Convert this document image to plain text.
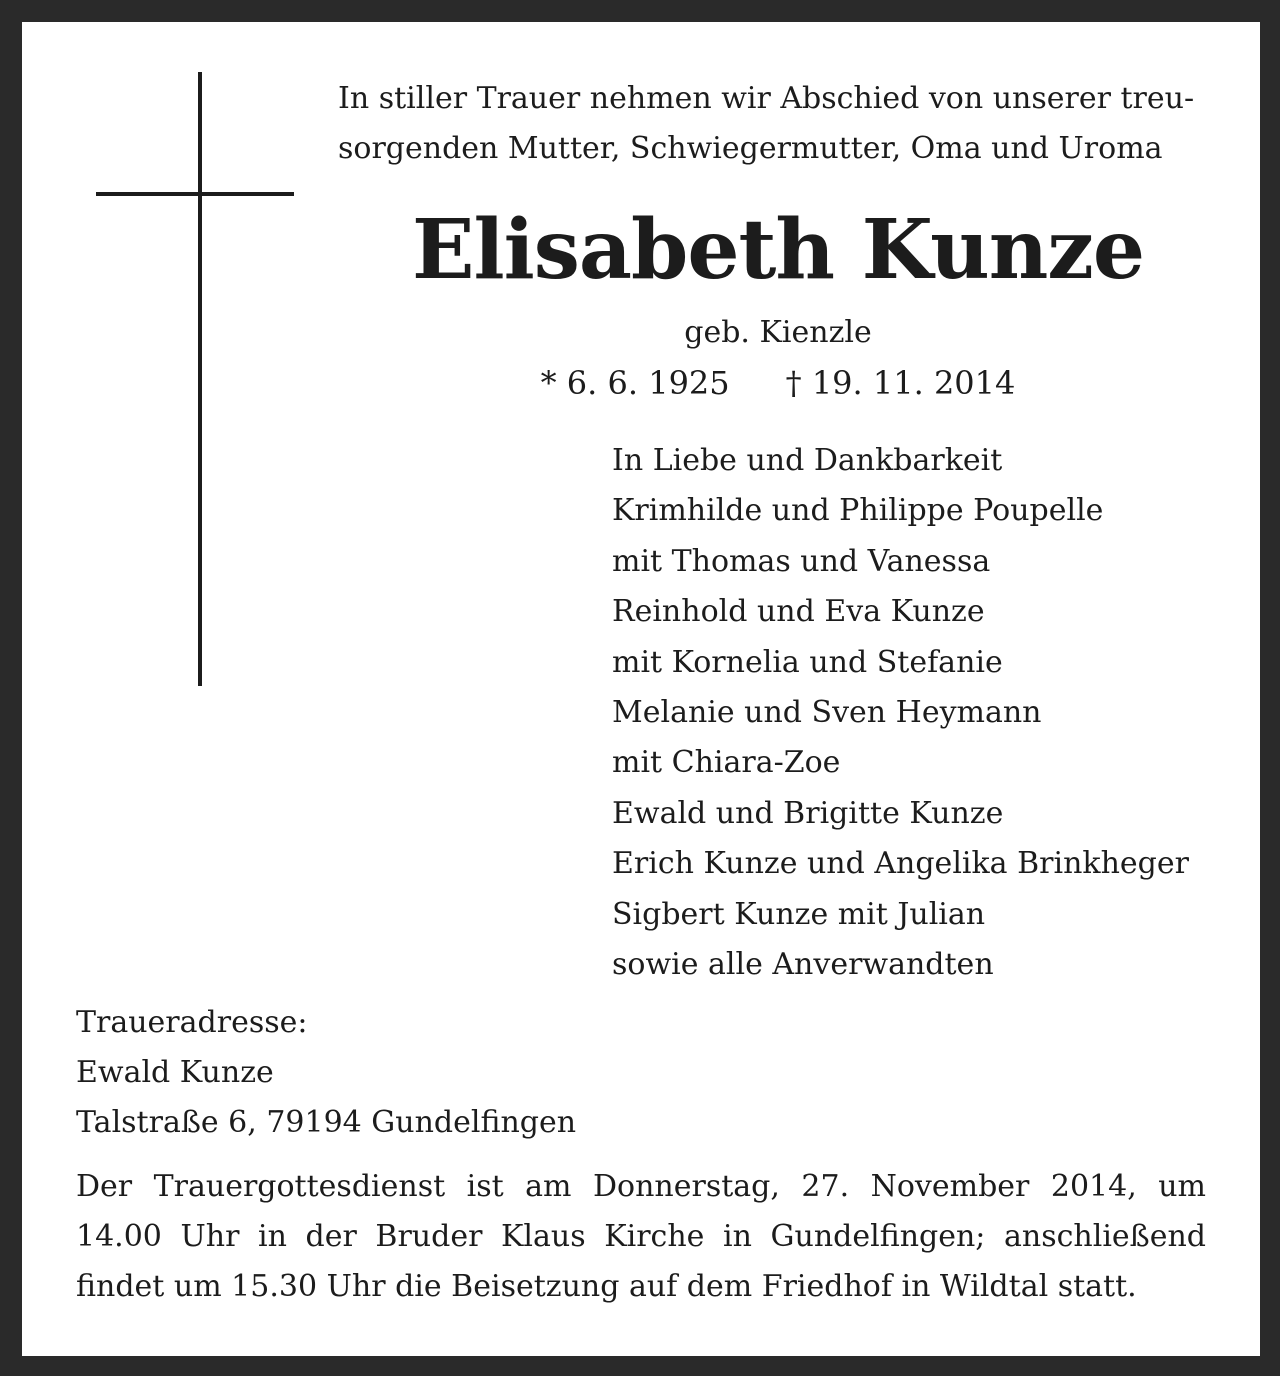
In stiller Trauer nehmen wir Abschied von unserer treu-
sorgenden Mutter, Schwiegermutter, Oma und Uroma

Elisabeth Kunze

geb. Kienzle

* 6. 6. 1925 † 19. 11. 2014

In Liebe und Dankbarkeit
Krimhilde und Philippe Poupelle
mit Thomas und Vanessa
Reinhold und Eva Kunze
mit Kornelia und Stefanie
Melanie und Sven Heymann
mit Chiara-Zoe
Ewald und Brigitte Kunze
Erich Kunze und Angelika Brinkheger
Sigbert Kunze mit Julian
sowie alle Anverwandten

Traueradresse:
Ewald Kunze
Talstraße 6, 79194 Gundelfingen

Der Trauergottesdienst ist am Donnerstag, 27. November 2014, um
14.00 Uhr in der Bruder Klaus Kirche in Gundelfingen; anschließend
findet um 15.30 Uhr die Beisetzung auf dem Friedhof in Wildtal statt.
